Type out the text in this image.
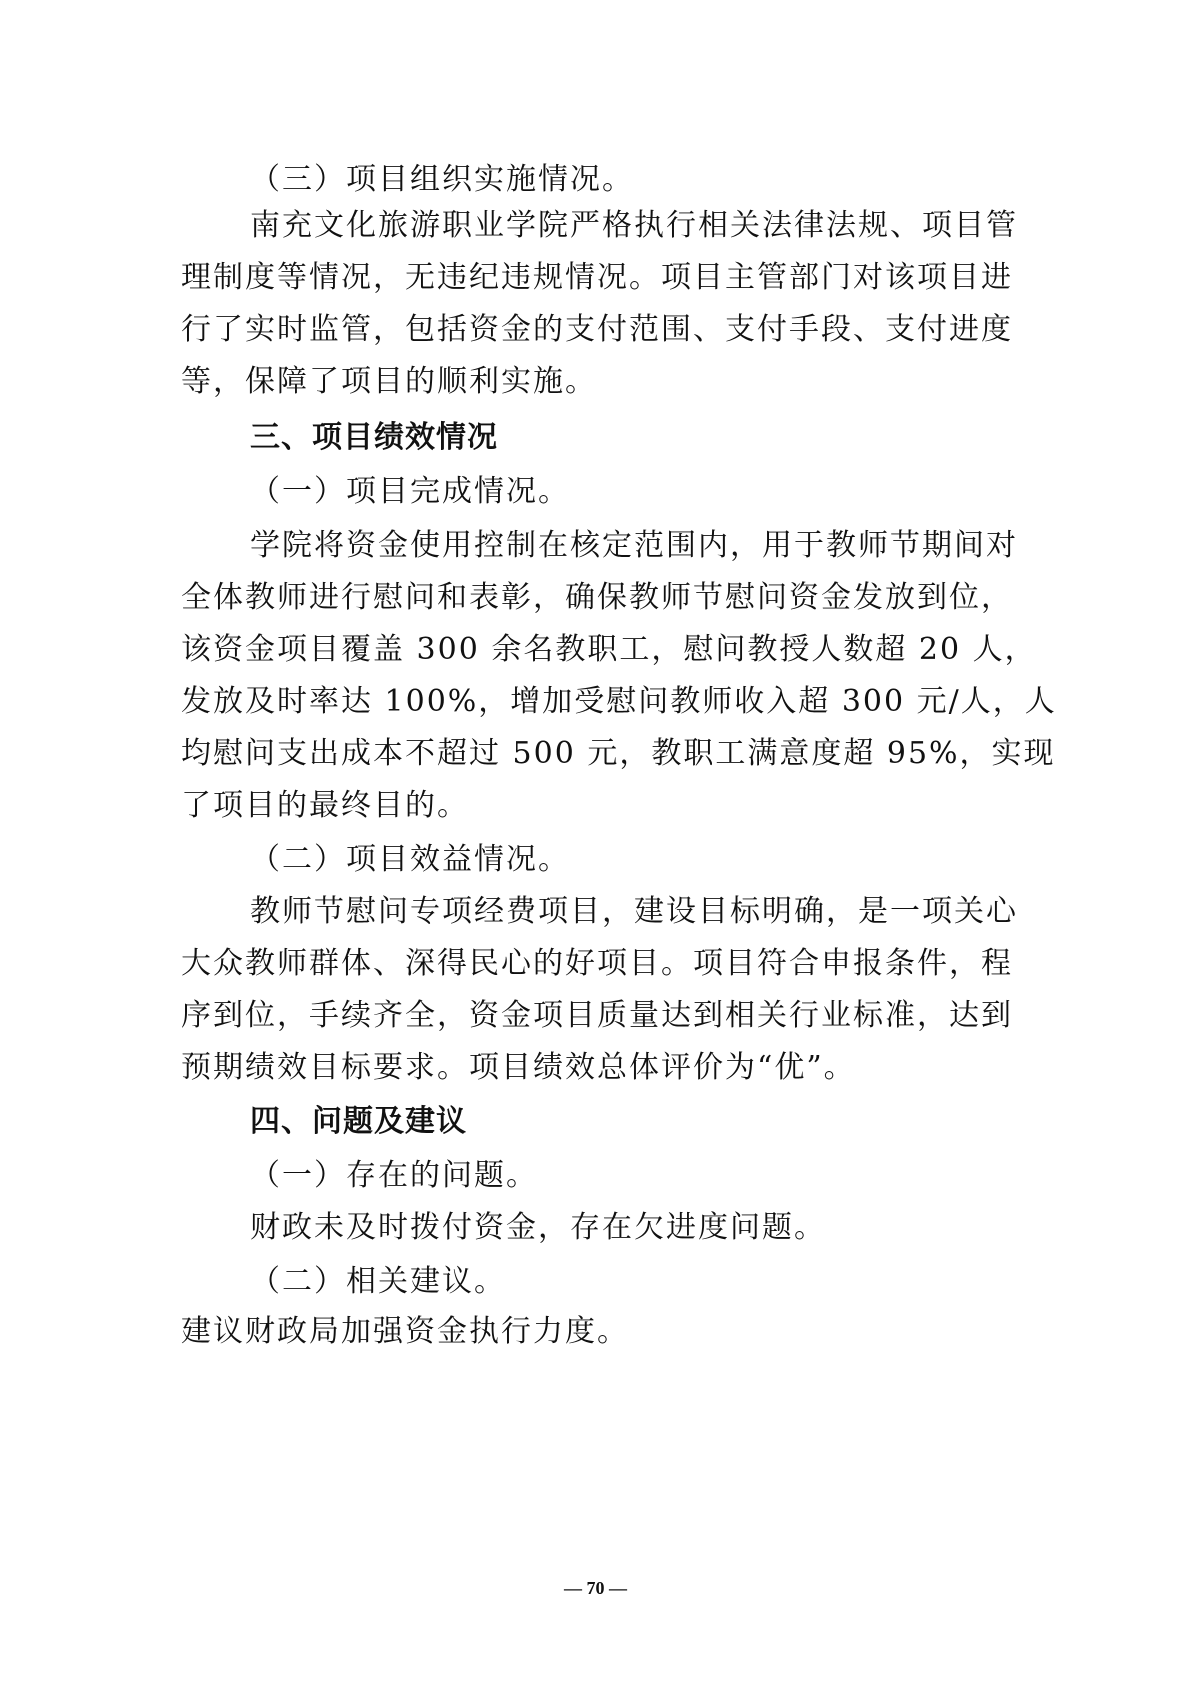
（三）项目组织实施情况。
南充文化旅游职业学院严格执行相关法律法规、项目管
理制度等情况，无违纪违规情况。项目主管部门对该项目进
行了实时监管，包括资金的支付范围、支付手段、支付进度
等，保障了项目的顺利实施。
三、项目绩效情况
（一）项目完成情况。
学院将资金使用控制在核定范围内，用于教师节期间对
全体教师进行慰问和表彰，确保教师节慰问资金发放到位，
该资金项目覆盖 300 余名教职工，慰问教授人数超 20 人，
发放及时率达 100%，增加受慰问教师收入超 300 元/人，人
均慰问支出成本不超过 500 元，教职工满意度超 95%，实现
了项目的最终目的。
（二）项目效益情况。
教师节慰问专项经费项目，建设目标明确，是一项关心
大众教师群体、深得民心的好项目。项目符合申报条件，程
序到位，手续齐全，资金项目质量达到相关行业标准，达到
预期绩效目标要求。项目绩效总体评价为“优”。
四、问题及建议
（一）存在的问题。
财政未及时拨付资金，存在欠进度问题。
（二）相关建议。
建议财政局加强资金执行力度。
— 70 —
